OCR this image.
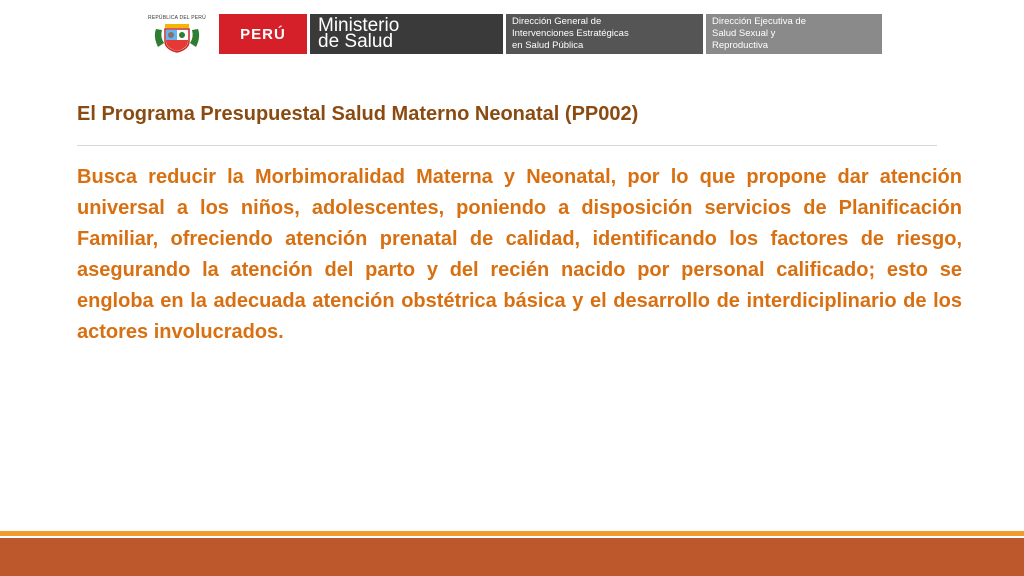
REPÚBLICA DEL PERÚ
PERÚ	Ministerio
de Salud
Dirección General de
Intervenciones Estratégicas
en Salud Pública
Dirección Ejecutiva de
Salud Sexual y
Reproductiva
El Programa Presupuestal Salud Materno Neonatal (PP002)
Busca reducir la Morbimoralidad Materna y Neonatal, por lo que propone dar atención universal a los niños, adolescentes, poniendo a disposición servicios de Planificación Familiar, ofreciendo atención prenatal de calidad, identificando los factores de riesgo, asegurando la atención del parto y del recién nacido por personal calificado; esto se engloba en la adecuada atención obstétrica básica y el desarrollo de interdiciplinario de los actores involucrados.
